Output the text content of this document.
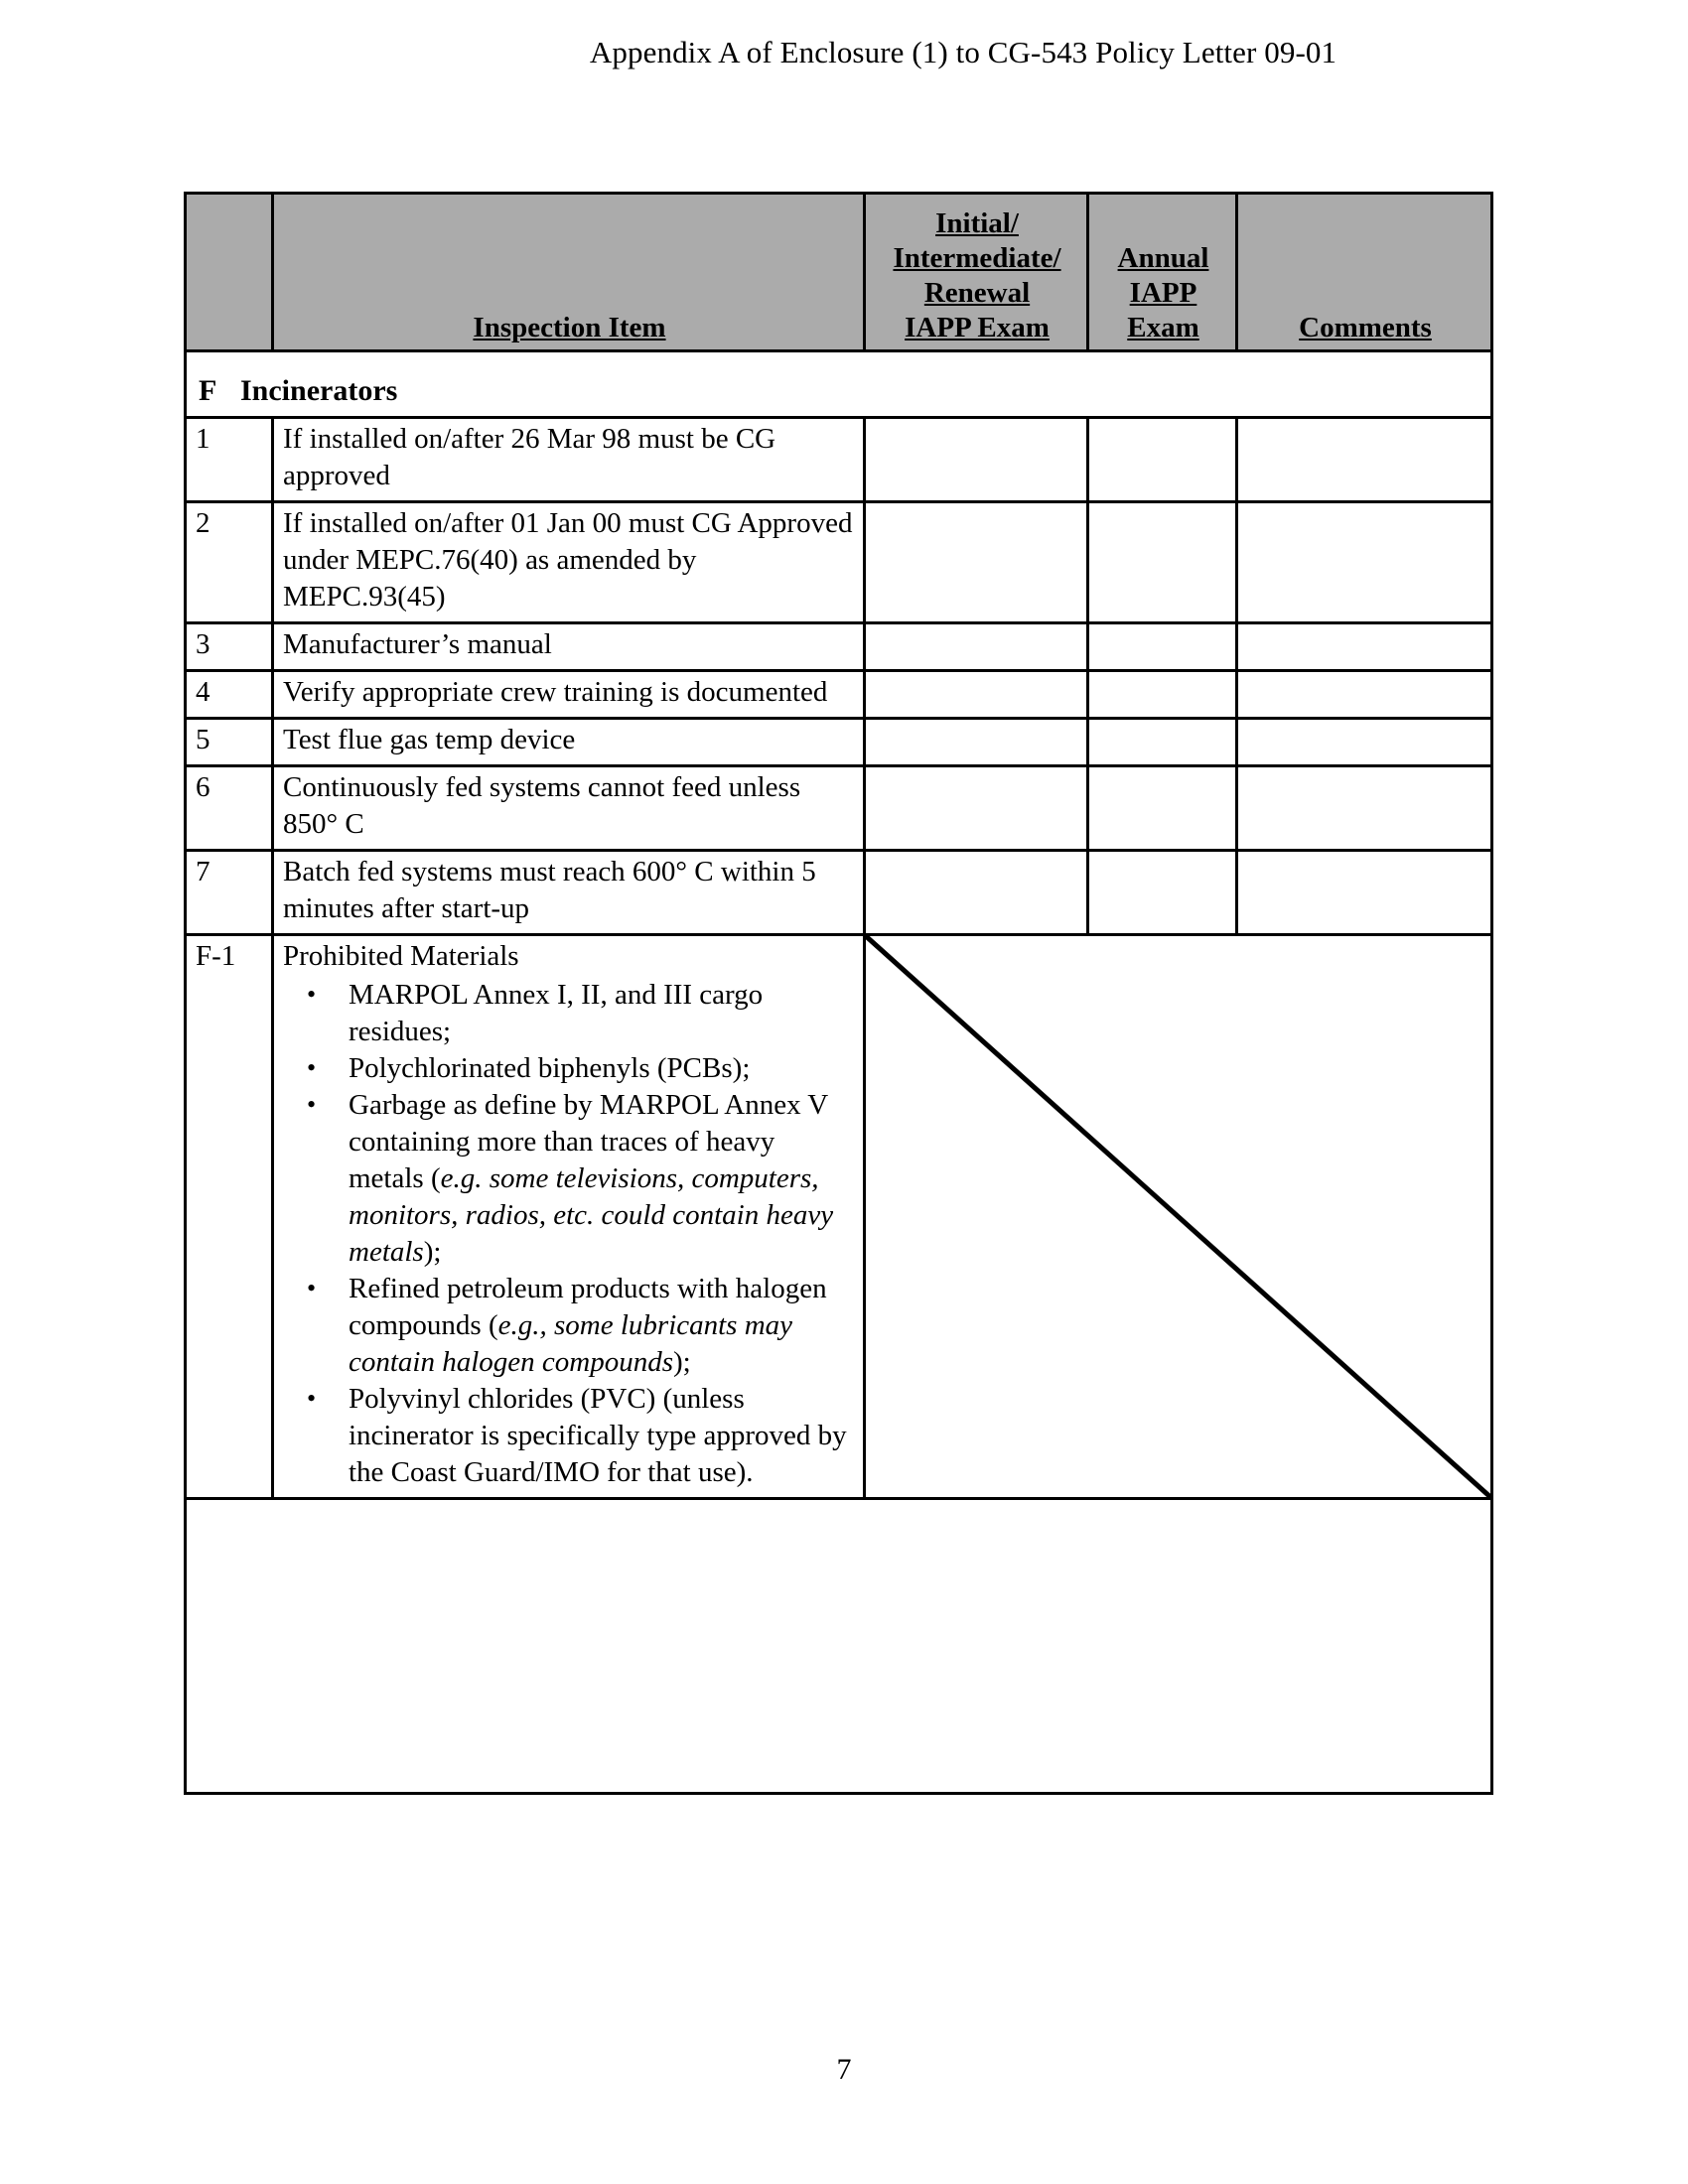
Appendix A of Enclosure (1) to CG-543 Policy Letter 09-01
	Inspection Item	Initial/
Intermediate/
Renewal
IAPP Exam	Annual
IAPP
Exam	Comments

F Incinerators				
1	If installed on/after 26 Mar 98 must be CG approved			
2	If installed on/after 01 Jan 00 must CG Approved under MEPC.76(40) as amended by MEPC.93(45)			
3	Manufacturer’s manual			
4	Verify appropriate crew training is documented			
5	Test flue gas temp device			
6	Continuously fed systems cannot feed unless 850° C			
7	Batch fed systems must reach 600° C within 5 minutes after start-up			
F-1	Prohibited Materials
• MARPOL Annex I, II, and III cargo residues;
• Polychlorinated biphenyls (PCBs);
• Garbage as define by MARPOL Annex V containing more than traces of heavy metals (e.g. some televisions, computers, monitors, radios, etc. could contain heavy metals);
• Refined petroleum products with halogen compounds (e.g., some lubricants may contain halogen compounds);
• Polyvinyl chlorides (PVC) (unless incinerator is specifically type approved by the Coast Guard/IMO for that use).

7
